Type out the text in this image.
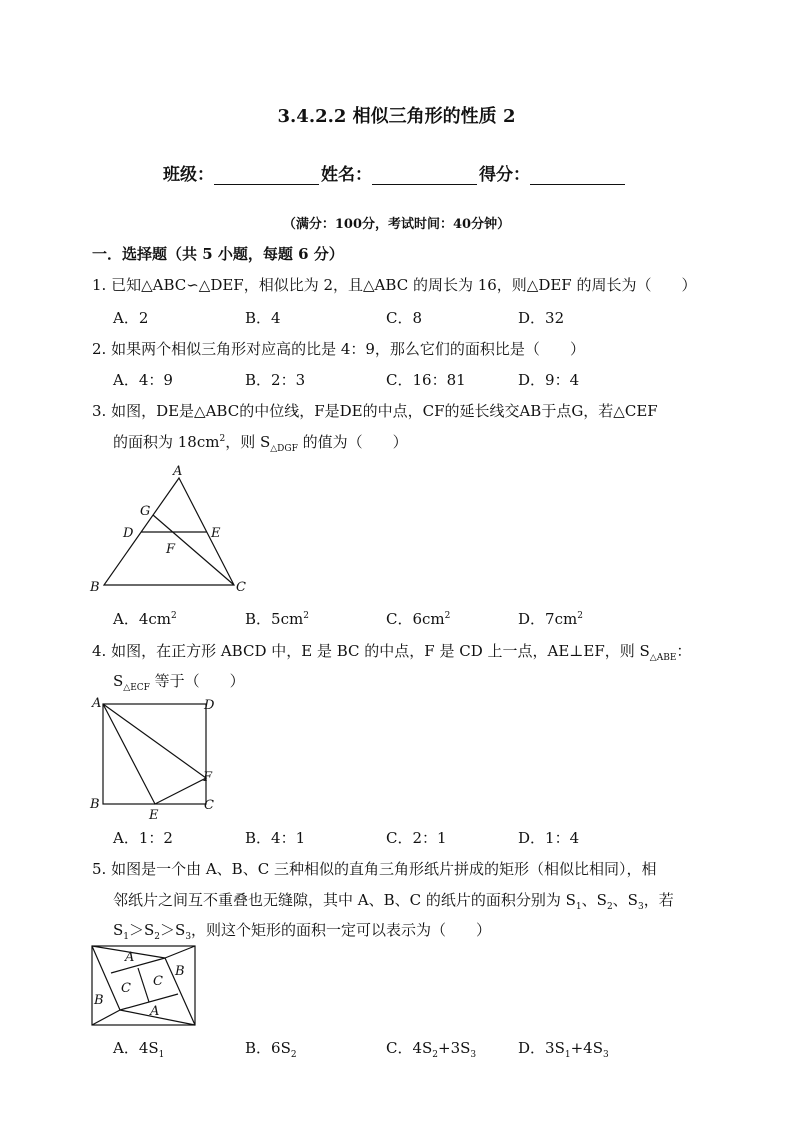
3.4.2.2 相似三角形的性质 2
班级：	姓名：	得分：
（满分：100分，考试时间：40分钟）
一．选择题（共 5 小题，每题 6 分）
1. 已知△ABC∽△DEF，相似比为 2，且△ABC 的周长为 16，则△DEF 的周长为（　　）
A．2	B．4	C．8	D．32
2. 如果两个相似三角形对应高的比是 4：9，那么它们的面积比是（　　）
A．4：9	B．2：3	C．16：81	D．9：4
3. 如图，DE是△ABC的中位线，F是DE的中点，CF的延长线交AB于点G，若△CEF
的面积为 $18cm^2$，则 $S_{\triangle DGF}$ 的值为（　　）
A
G
D	E
F
B	C
A．$4cm^2$	B．$5cm^2$	C．$6cm^2$	D．$7cm^2$
4. 如图，在正方形 ABCD 中，E 是 BC 的中点，F 是 CD 上一点，AE⊥EF，则 $S_{\triangle ABE}$：
$S_{\triangle ECF}$ 等于（　　）
A	D
F
B
E
C
A．1：2	B．4：1	C．2：1	D．1：4
5. 如图是一个由 A、B、C 三种相似的直角三角形纸片拼成的矩形（相似比相同），相
邻纸片之间互不重叠也无缝隙，其中 A、B、C 的纸片的面积分别为 $S_1$、$S_2$、$S_3$，若
$S_1>S_2>S_3$，则这个矩形的面积一定可以表示为（　　）
A
B
C C
B
A
A．$4S_1$	B．$6S_2$	C．$4S_2+3S_3$	D．$3S_1+4S_3$
